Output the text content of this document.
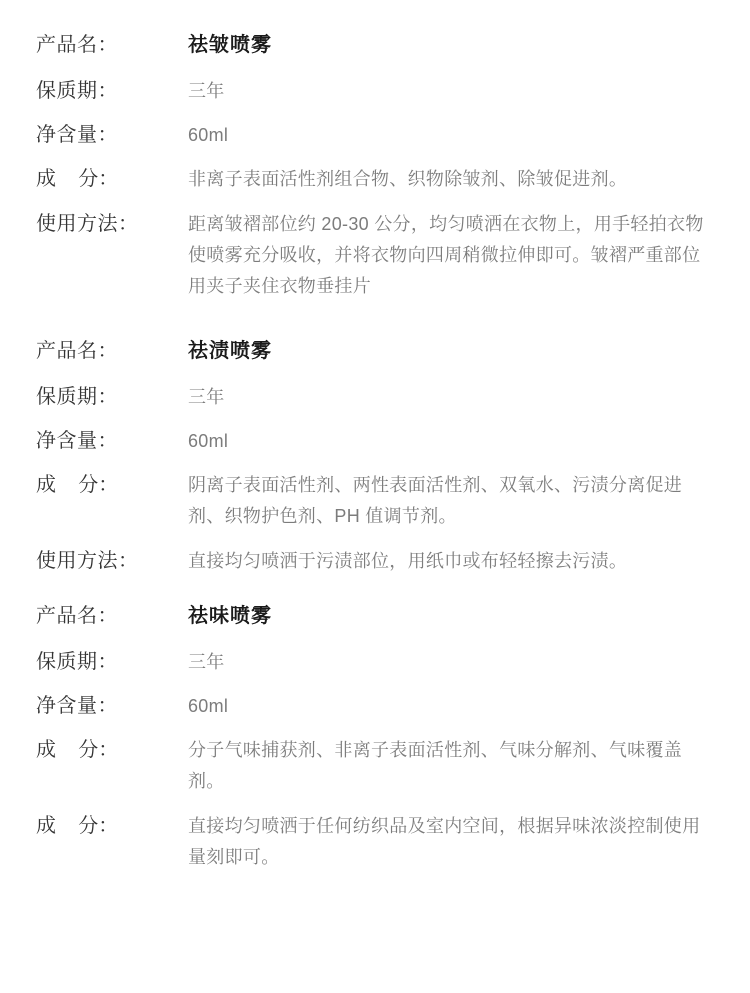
产品名：	祛皱喷雾
保质期：	三年
净含量：	60ml
成    分：	非离子表面活性剂组合物、织物除皱剂、除皱促进剂。
使用方法：	距离皱褶部位约 20-30 公分，均匀喷洒在衣物上，用手轻拍衣物使喷雾充分吸收，并将衣物向四周稍微拉伸即可。皱褶严重部位用夹子夹住衣物垂挂片
产品名：	祛渍喷雾
保质期：	三年
净含量：	60ml
成    分：	阴离子表面活性剂、两性表面活性剂、双氧水、污渍分离促进剂、织物护色剂、PH 值调节剂。
使用方法：	直接均匀喷洒于污渍部位，用纸巾或布轻轻擦去污渍。
产品名：	祛味喷雾
保质期：	三年
净含量：	60ml
成    分：	分子气味捕获剂、非离子表面活性剂、气味分解剂、气味覆盖剂。
成    分：	直接均匀喷洒于任何纺织品及室内空间，根据异味浓淡控制使用量刻即可。
